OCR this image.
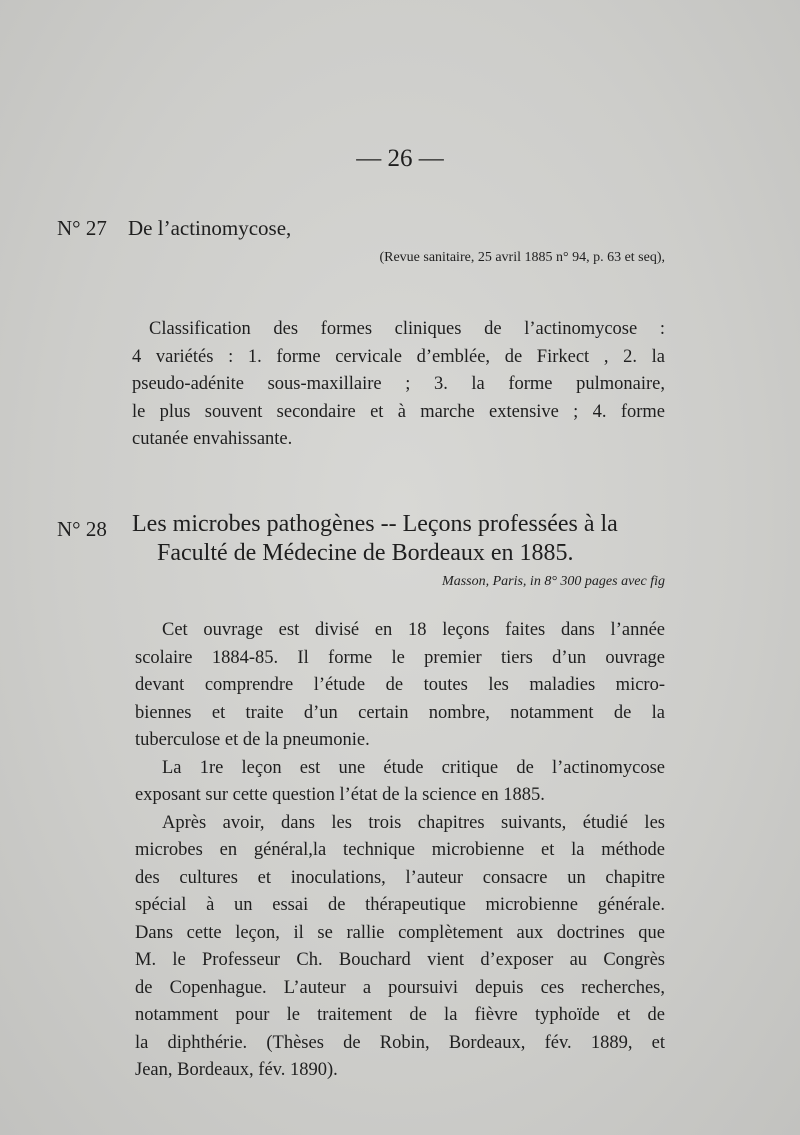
— 26 —
N° 27 De l’actinomycose,
(Revue sanitaire, 25 avril 1885 n° 94, p. 63 et seq),
Classification des formes cliniques de l’actinomycose :
4 variétés : 1. forme cervicale d’emblée, de Firkect , 2. la
pseudo-adénite sous-maxillaire ; 3. la forme pulmonaire,
le plus souvent secondaire et à marche extensive ; 4. forme
cutanée envahissante.
N° 28 Les microbes pathogènes -- Leçons professées à la
Faculté de Médecine de Bordeaux en 1885.
Masson, Paris, in 8° 300 pages avec fig
Cet ouvrage est divisé en 18 leçons faites dans l’année
scolaire 1884-85. Il forme le premier tiers d’un ouvrage
devant comprendre l’étude de toutes les maladies micro-
biennes et traite d’un certain nombre, notamment de la
tuberculose et de la pneumonie.
La 1re leçon est une étude critique de l’actinomycose
exposant sur cette question l’état de la science en 1885.
Après avoir, dans les trois chapitres suivants, étudié les
microbes en général,la technique microbienne et la méthode
des cultures et inoculations, l’auteur consacre un chapitre
spécial à un essai de thérapeutique microbienne générale.
Dans cette leçon, il se rallie complètement aux doctrines que
M. le Professeur Ch. Bouchard vient d’exposer au Congrès
de Copenhague. L’auteur a poursuivi depuis ces recherches,
notamment pour le traitement de la fièvre typhoïde et de
la diphthérie. (Thèses de Robin, Bordeaux, fév. 1889, et
Jean, Bordeaux, fév. 1890).
